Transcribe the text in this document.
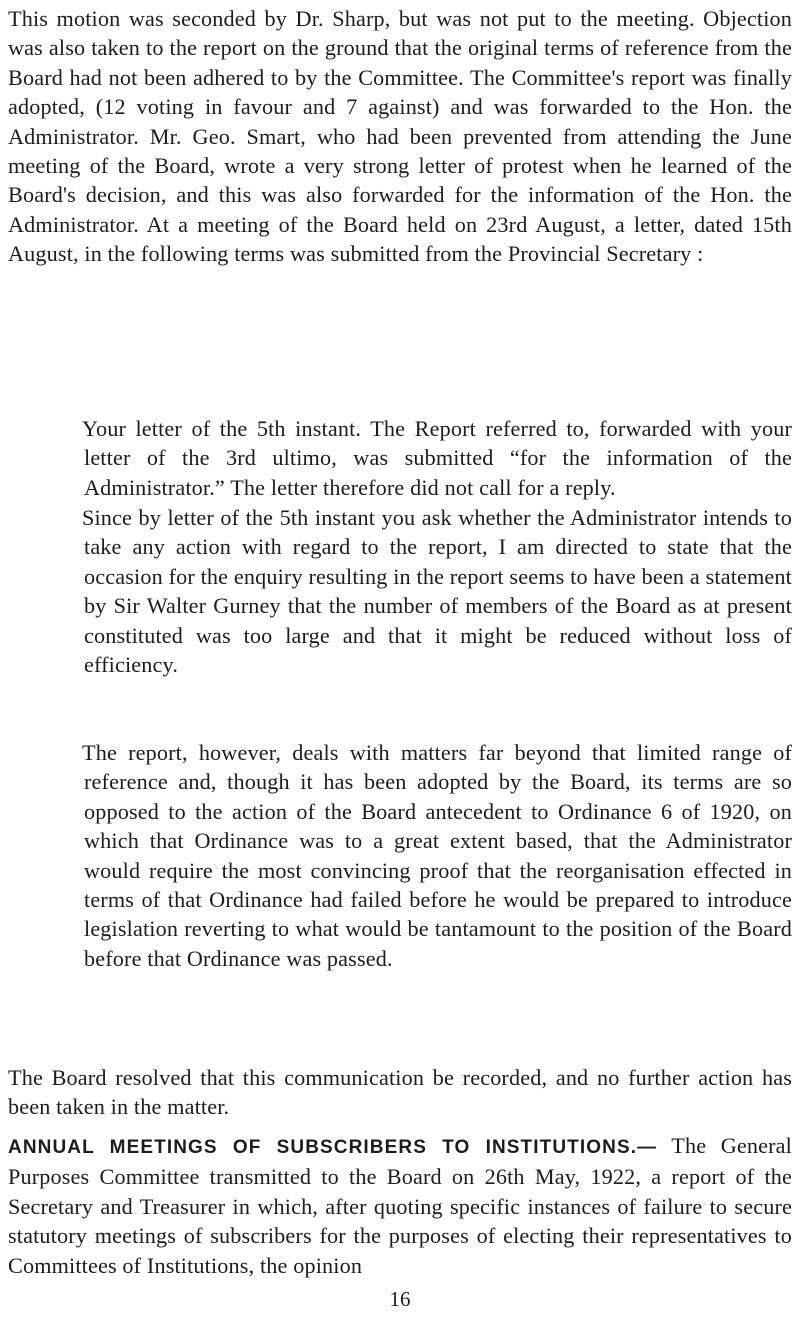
This motion was seconded by Dr. Sharp, but was not put to the meeting. Objection was also taken to the report on the ground that the original terms of reference from the Board had not been adhered to by the Committee. The Committee's report was finally adopted, (12 voting in favour and 7 against) and was forwarded to the Hon. the Administrator. Mr. Geo. Smart, who had been prevented from attending the June meeting of the Board, wrote a very strong letter of protest when he learned of the Board's decision, and this was also forwarded for the information of the Hon. the Administrator. At a meeting of the Board held on 23rd August, a letter, dated 15th August, in the following terms was submitted from the Provincial Secretary :

Your letter of the 5th instant. The Report referred to, forwarded with your letter of the 3rd ultimo, was submitted “for the information of the Administrator.” The letter therefore did not call for a reply.

Since by letter of the 5th instant you ask whether the Administrator intends to take any action with regard to the report, I am directed to state that the occasion for the enquiry resulting in the report seems to have been a statement by Sir Walter Gurney that the number of members of the Board as at present constituted was too large and that it might be reduced without loss of efficiency.

The report, however, deals with matters far beyond that limited range of reference and, though it has been adopted by the Board, its terms are so opposed to the action of the Board antecedent to Ordinance 6 of 1920, on which that Ordinance was to a great extent based, that the Administrator would require the most convincing proof that the reorganisation effected in terms of that Ordinance had failed before he would be prepared to introduce legislation reverting to what would be tantamount to the position of the Board before that Ordinance was passed.

The Board resolved that this communication be recorded, and no further action has been taken in the matter.

ANNUAL MEETINGS OF SUBSCRIBERS TO INSTITUTIONS.— The General Purposes Committee transmitted to the Board on 26th May, 1922, a report of the Secretary and Treasurer in which, after quoting specific instances of failure to secure statutory meetings of subscribers for the purposes of electing their representatives to Committees of Institutions, the opinion

16
